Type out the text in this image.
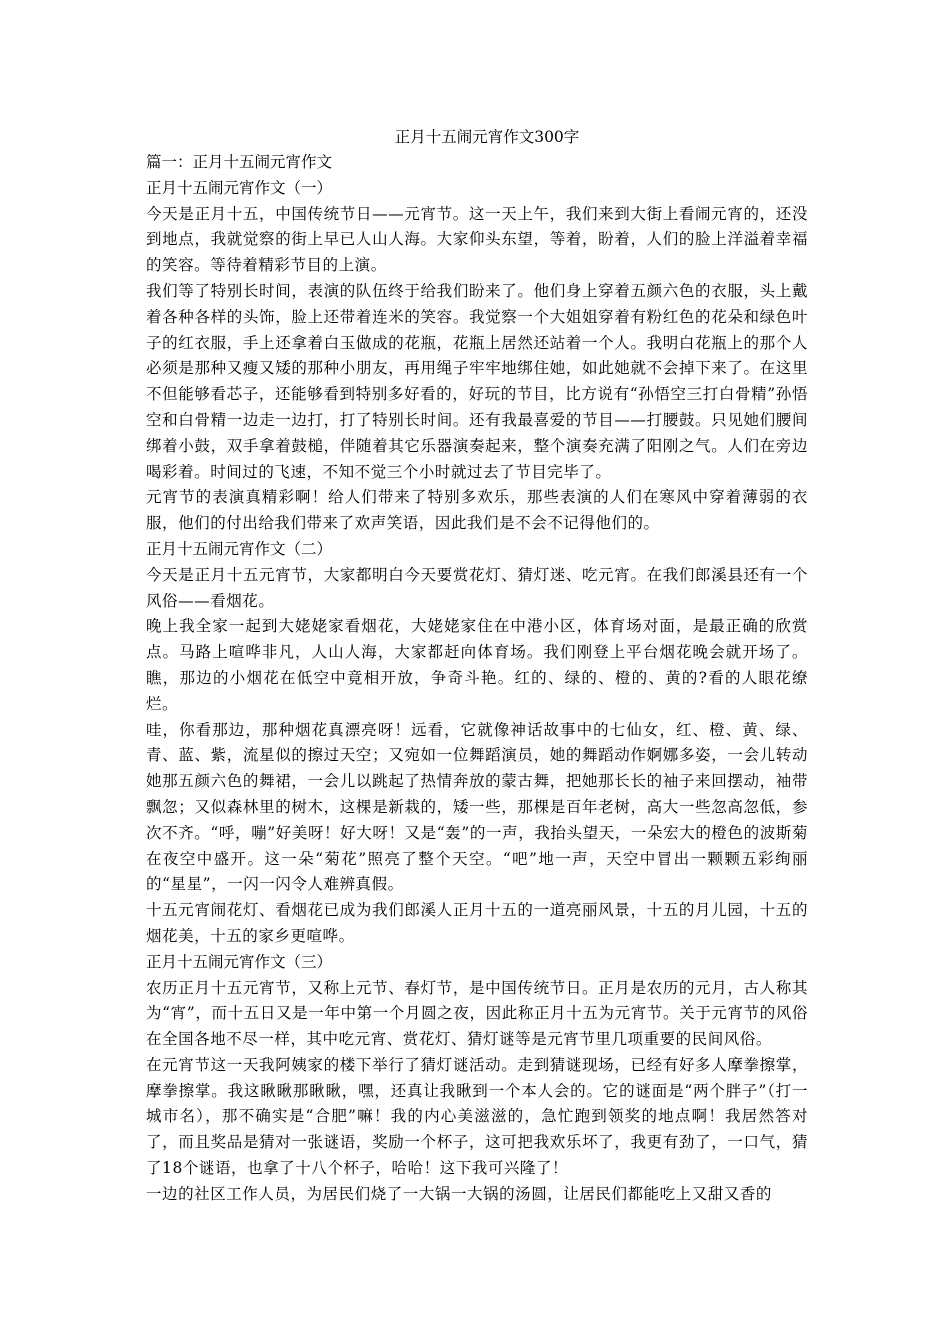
正月十五闹元宵作文300字

篇一：正月十五闹元宵作文

正月十五闹元宵作文（一）

今天是正月十五，中国传统节日——元宵节。这一天上午，我们来到大街上看闹元宵的，还没到地点，我就觉察的街上早已人山人海。大家仰头东望，等着，盼着，人们的脸上洋溢着幸福的笑容。等待着精彩节目的上演。

我们等了特别长时间，表演的队伍终于给我们盼来了。他们身上穿着五颜六色的衣服，头上戴着各种各样的头饰，脸上还带着连米的笑容。我觉察一个大姐姐穿着有粉红色的花朵和绿色叶子的红衣服，手上还拿着白玉做成的花瓶，花瓶上居然还站着一个人。我明白花瓶上的那个人必须是那种又瘦又矮的那种小朋友，再用绳子牢牢地绑住她，如此她就不会掉下来了。在这里不但能够看芯子，还能够看到特别多好看的，好玩的节目，比方说有“孙悟空三打白骨精”孙悟空和白骨精一边走一边打，打了特别长时间。还有我最喜爱的节目——打腰鼓。只见她们腰间绑着小鼓，双手拿着鼓槌，伴随着其它乐器演奏起来，整个演奏充满了阳刚之气。人们在旁边喝彩着。时间过的飞速，不知不觉三个小时就过去了节目完毕了。

元宵节的表演真精彩啊！给人们带来了特别多欢乐，那些表演的人们在寒风中穿着薄弱的衣服，他们的付出给我们带来了欢声笑语，因此我们是不会不记得他们的。

正月十五闹元宵作文（二）

今天是正月十五元宵节，大家都明白今天要赏花灯、猜灯迷、吃元宵。在我们郎溪县还有一个风俗——看烟花。

晚上我全家一起到大姥姥家看烟花，大姥姥家住在中港小区，体育场对面，是最正确的欣赏点。马路上喧哗非凡，人山人海，大家都赶向体育场。我们刚登上平台烟花晚会就开场了。瞧，那边的小烟花在低空中竟相开放，争奇斗艳。红的、绿的、橙的、黄的?看的人眼花缭烂。

哇，你看那边，那种烟花真漂亮呀！远看，它就像神话故事中的七仙女，红、橙、黄、绿、青、蓝、紫，流星似的擦过天空；又宛如一位舞蹈演员，她的舞蹈动作婀娜多姿，一会儿转动她那五颜六色的舞裙，一会儿以跳起了热情奔放的蒙古舞，把她那长长的袖子来回摆动，袖带飘忽；又似森林里的树木，这棵是新栽的，矮一些，那棵是百年老树，高大一些忽高忽低，参次不齐。“呼，嘣”好美呀！好大呀！又是“轰”的一声，我抬头望天，一朵宏大的橙色的波斯菊在夜空中盛开。这一朵“菊花”照亮了整个天空。“吧”地一声，天空中冒出一颗颗五彩绚丽的“星星”，一闪一闪令人难辨真假。

十五元宵闹花灯、看烟花已成为我们郎溪人正月十五的一道亮丽风景，十五的月儿园，十五的烟花美，十五的家乡更喧哗。

正月十五闹元宵作文（三）

农历正月十五元宵节，又称上元节、春灯节，是中国传统节日。正月是农历的元月，古人称其为“宵”，而十五日又是一年中第一个月圆之夜，因此称正月十五为元宵节。关于元宵节的风俗在全国各地不尽一样，其中吃元宵、赏花灯、猜灯谜等是元宵节里几项重要的民间风俗。

在元宵节这一天我阿姨家的楼下举行了猜灯谜活动。走到猜谜现场，已经有好多人摩拳擦掌，摩拳擦掌。我这瞅瞅那瞅瞅，嘿，还真让我瞅到一个本人会的。它的谜面是“两个胖子”（打一城市名），那不确实是“合肥”嘛！我的内心美滋滋的，急忙跑到领奖的地点啊！我居然答对了，而且奖品是猜对一张谜语，奖励一个杯子，这可把我欢乐坏了，我更有劲了，一口气，猜了18个谜语，也拿了十八个杯子，哈哈！这下我可兴隆了！

一边的社区工作人员，为居民们烧了一大锅一大锅的汤圆，让居民们都能吃上又甜又香的
